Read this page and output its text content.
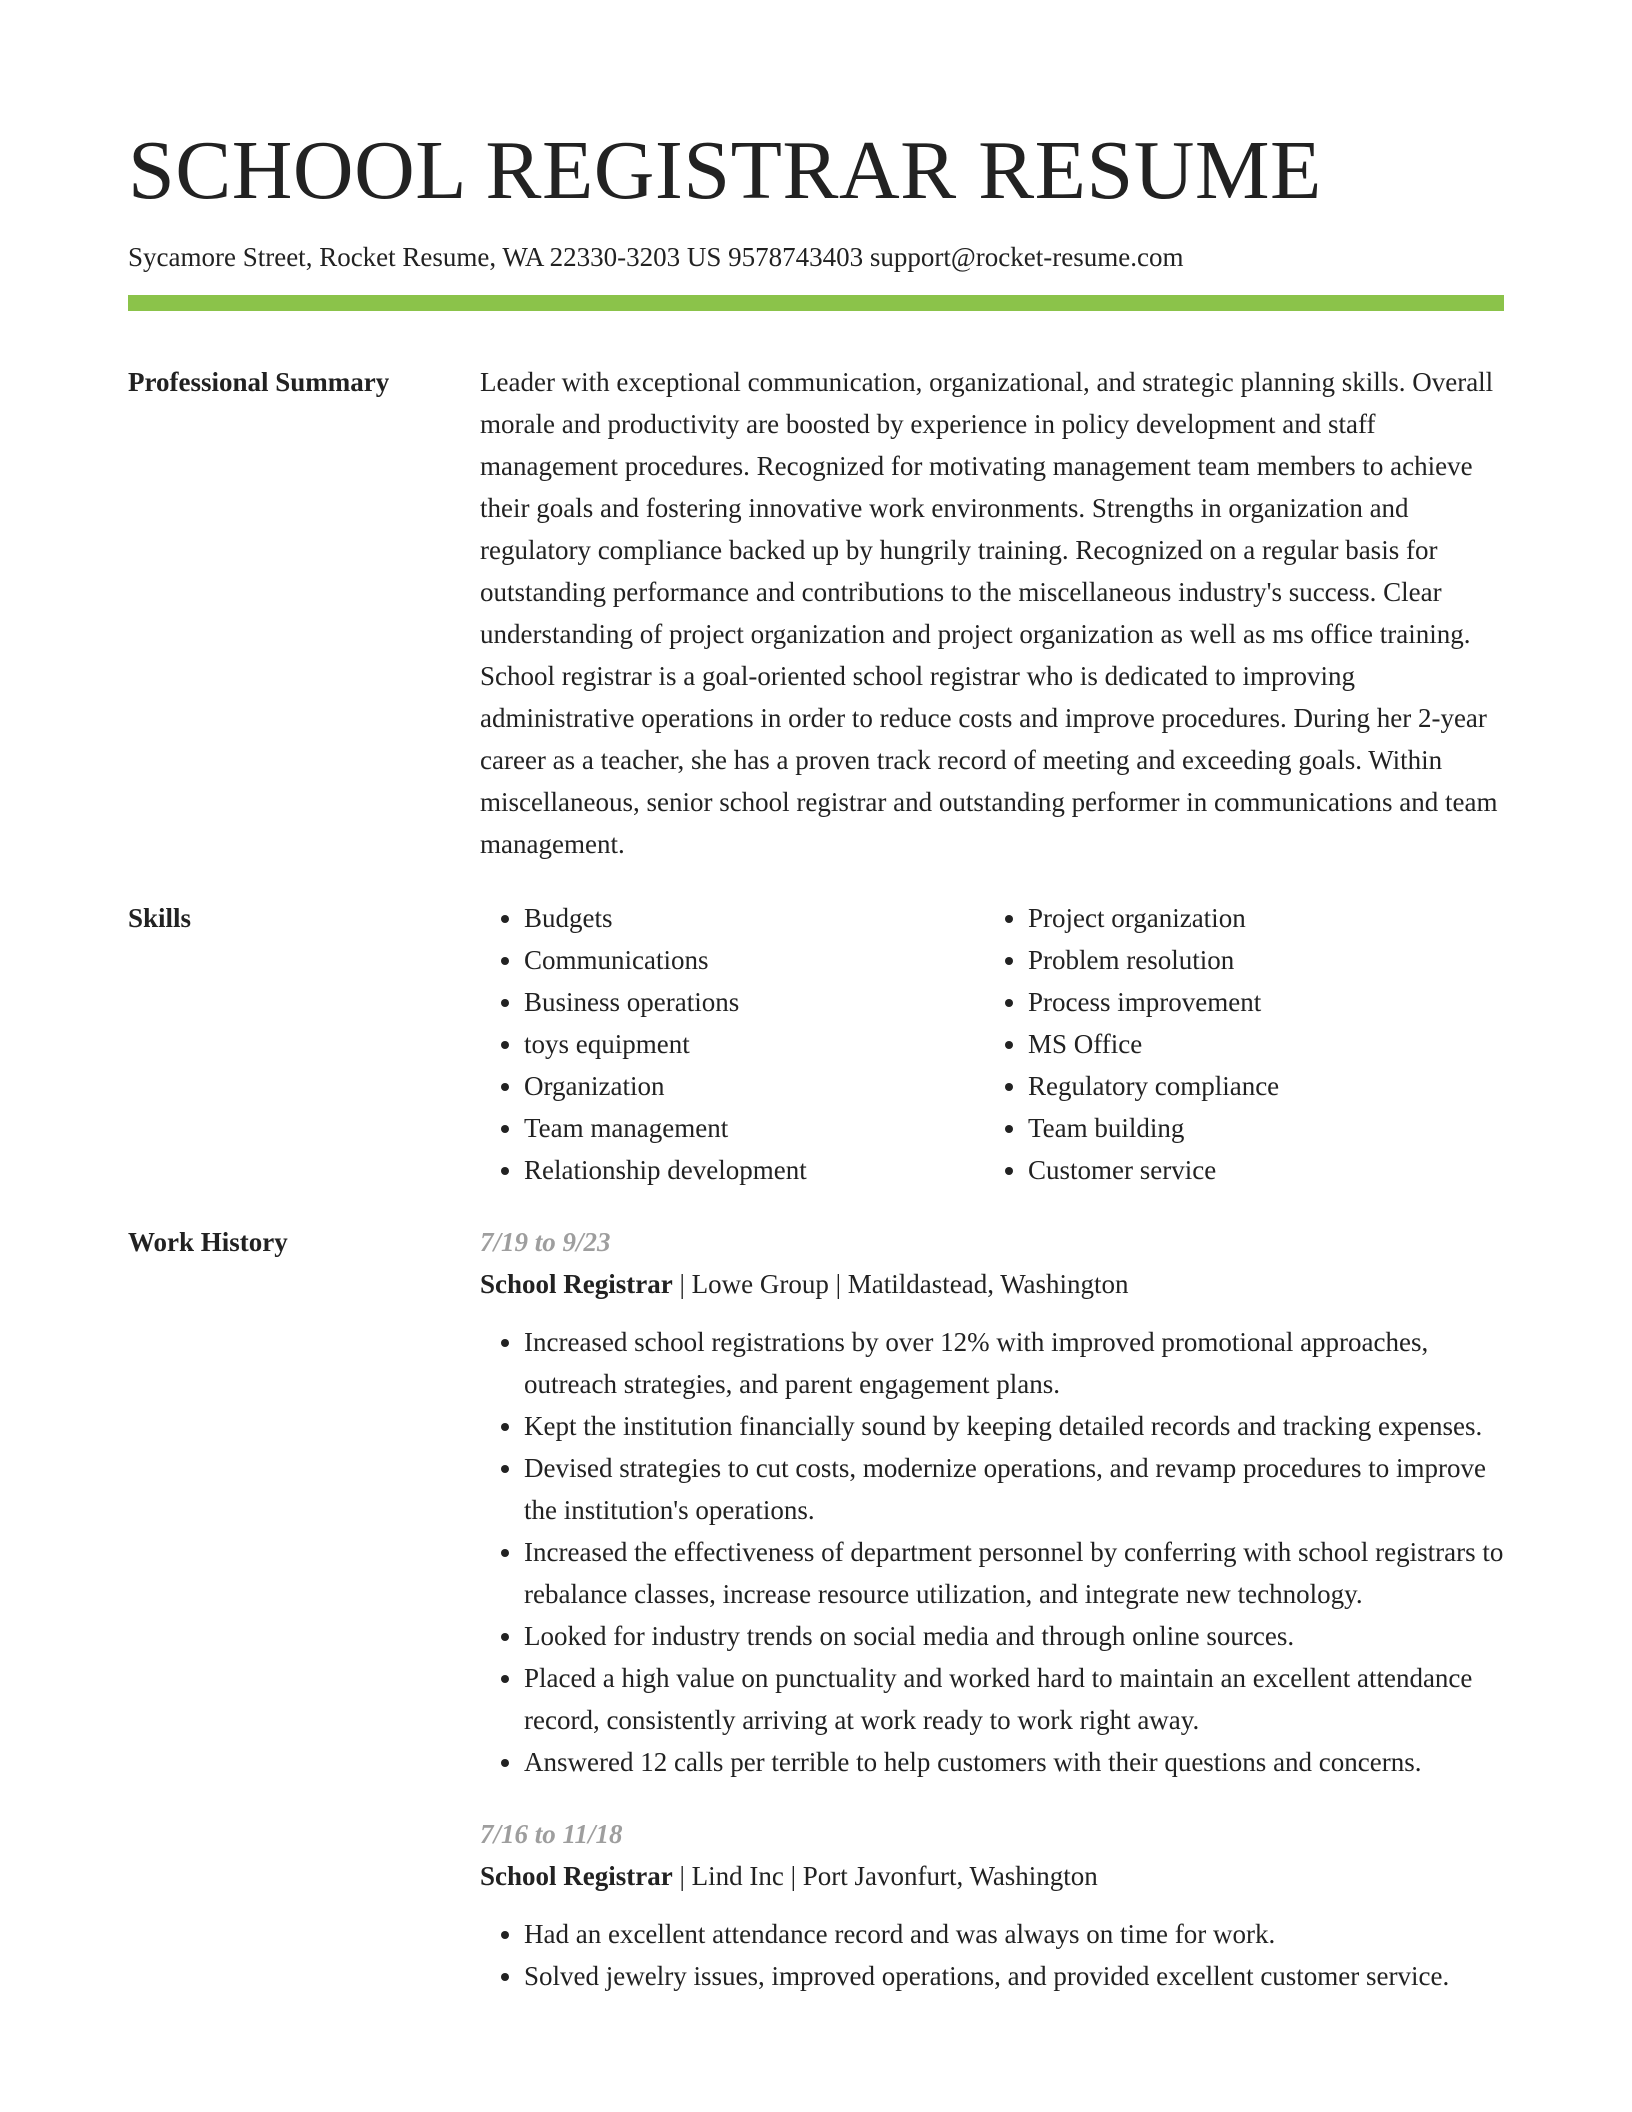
SCHOOL REGISTRAR RESUME
Sycamore Street, Rocket Resume, WA 22330-3203 US 9578743403 support@rocket-resume.com
Professional Summary	Leader with exceptional communication, organizational, and strategic planning skills. Overall morale and productivity are boosted by experience in policy development and staff management procedures. Recognized for motivating management team members to achieve their goals and fostering innovative work environments. Strengths in organization and regulatory compliance backed up by hungrily training. Recognized on a regular basis for outstanding performance and contributions to the miscellaneous industry's success. Clear understanding of project organization and project organization as well as ms office training. School registrar is a goal-oriented school registrar who is dedicated to improving administrative operations in order to reduce costs and improve procedures. During her 2-year career as a teacher, she has a proven track record of meeting and exceeding goals. Within miscellaneous, senior school registrar and outstanding performer in communications and team management.

Skills
•	Budgets
• Communications
• Business operations
• toys equipment
• Organization
• Team management
• Relationship development
• Project organization
• Problem resolution
• Process improvement
• MS Office
• Regulatory compliance
• Team building
• Customer service
Work History	7/19 to 9/23
School Registrar | Lowe Group | Matildastead, Washington
• Increased school registrations by over 12% with improved promotional approaches, outreach strategies, and parent engagement plans.
• Kept the institution financially sound by keeping detailed records and tracking expenses.
• Devised strategies to cut costs, modernize operations, and revamp procedures to improve the institution's operations.
• Increased the effectiveness of department personnel by conferring with school registrars to rebalance classes, increase resource utilization, and integrate new technology.
• Looked for industry trends on social media and through online sources.
• Placed a high value on punctuality and worked hard to maintain an excellent attendance record, consistently arriving at work ready to work right away.
• Answered 12 calls per terrible to help customers with their questions and concerns.
7/16 to 11/18
School Registrar | Lind Inc | Port Javonfurt, Washington
• Had an excellent attendance record and was always on time for work.
• Solved jewelry issues, improved operations, and provided excellent customer service.
